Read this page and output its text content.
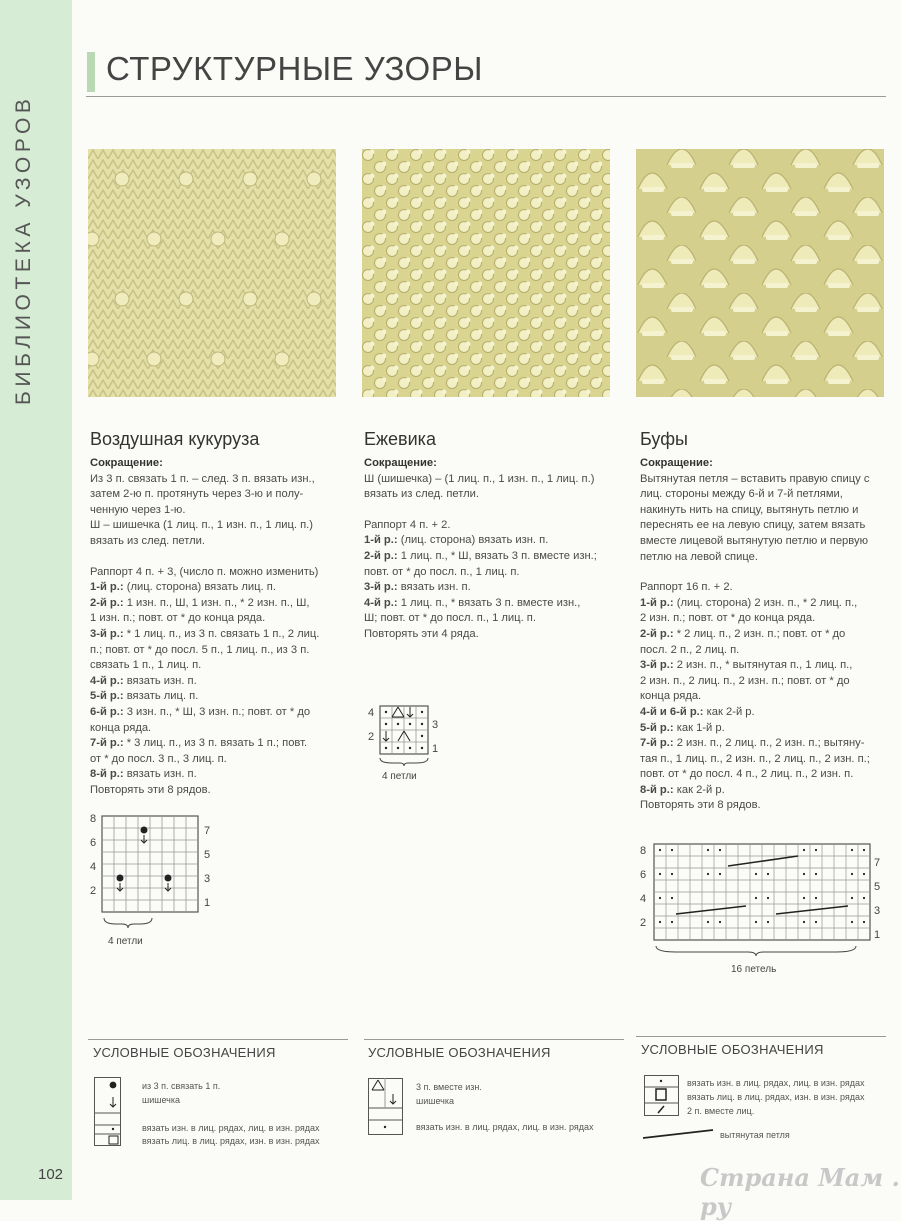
БИБЛИОТЕКА УЗОРОВ
СТРУКТУРНЫЕ УЗОРЫ
Воздушная кукуруза

Сокращение:

Из 3 п. связать 1 п. – след. 3 п. вязать изн.,

затем 2-ю п. протянуть через 3-ю и полу-

ченную через 1-ю.

Ш – шишечка (1 лиц. п., 1 изн. п., 1 лиц. п.)

вязать из след. петли.

Раппорт 4 п. + 3, (число п. можно изменить)

1-й р.: (лиц. сторона) вязать лиц. п.

2-й р.: 1 изн. п., Ш, 1 изн. п., * 2 изн. п., Ш,

1 изн. п.; повт. от * до конца ряда.

3-й р.: * 1 лиц. п., из 3 п. связать 1 п., 2 лиц.

п.; повт. от * до посл. 5 п., 1 лиц. п., из 3 п.

связать 1 п., 1 лиц. п.

4-й р.: вязать изн. п.

5-й р.: вязать лиц. п.

6-й р.: 3 изн. п., * Ш, 3 изн. п.; повт. от * до

конца ряда.

7-й р.: * 3 лиц. п., из 3 п. вязать 1 п.; повт.

от * до посл. 3 п., 3 лиц. п.

8-й р.: вязать изн. п.

Повторять эти 8 рядов.

Ежевика

Сокращение:

Ш (шишечка) – (1 лиц. п., 1 изн. п., 1 лиц. п.)

вязать из след. петли.

Раппорт 4 п. + 2.

1-й р.: (лиц. сторона) вязать изн. п.

2-й р.: 1 лиц. п., * Ш, вязать 3 п. вместе изн.;

повт. от * до посл. п., 1 лиц. п.

3-й р.: вязать изн. п.

4-й р.: 1 лиц. п., * вязать 3 п. вместе изн.,

Ш; повт. от * до посл. п., 1 лиц. п.

Повторять эти 4 ряда.

Буфы

Сокращение:

Вытянутая петля – вставить правую спицу с

лиц. стороны между 6-й и 7-й петлями,

накинуть нить на спицу, вытянуть петлю и

переснять ее на левую спицу, затем вязать

вместе лицевой вытянутую петлю и первую

петлю на левой спице.

Раппорт 16 п. + 2.

1-й р.: (лиц. сторона) 2 изн. п., * 2 лиц. п.,

2 изн. п.; повт. от * до конца ряда.

2-й р.: * 2 лиц. п., 2 изн. п.; повт. от * до

посл. 2 п., 2 лиц. п.

3-й р.: 2 изн. п., * вытянутая п., 1 лиц. п.,

2 изн. п., 2 лиц. п., 2 изн. п.; повт. от * до

конца ряда.

4-й и 6-й р.: как 2-й р.

5-й р.: как 1-й р.

7-й р.: 2 изн. п., 2 лиц. п., 2 изн. п.; вытяну-

тая п., 1 лиц. п., 2 изн. п., 2 лиц. п., 2 изн. п.;

повт. от * до посл. 4 п., 2 лиц. п., 2 изн. п.

8-й р.: как 2-й р.

Повторять эти 8 рядов.

8
6
4
2
7
5
3
1
4 петли
4
2
3
1
4 петли
8
6
4
2
7
5
3
1
16 петель
УСЛОВНЫЕ ОБОЗНАЧЕНИЯ
из 3 п. связать 1 п.
шишечка
вязать изн. в лиц. рядах, лиц. в изн. рядах
вязать лиц. в лиц. рядах, изн. в изн. рядах
УСЛОВНЫЕ ОБОЗНАЧЕНИЯ
3 п. вместе изн.
шишечка
вязать изн. в лиц. рядах, лиц. в изн. рядах
УСЛОВНЫЕ ОБОЗНАЧЕНИЯ
вязать изн. в лиц. рядах, лиц. в изн. рядах
вязать лиц. в лиц. рядах, изн. в изн. рядах
2 п. вместе лиц.
вытянутая петля
102	Страна Мам . ру
